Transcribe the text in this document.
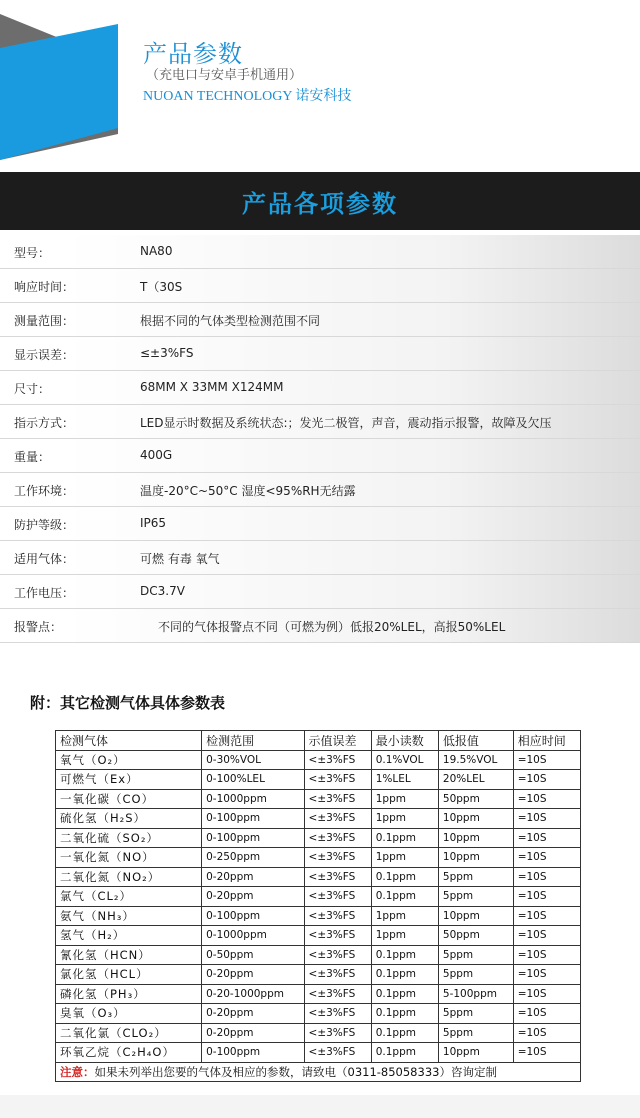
产品参数
（充电口与安卓手机通用）
NUOAN TECHNOLOGY 诺安科技
产品各项参数
型号：	NA80
响应时间：	T（30S
测量范围：	根据不同的气体类型检测范围不同
显示误差：	≤±3%FS
尺寸：	68MM X 33MM X124MM
指示方式：	LED显示时数据及系统状态:；发光二极管，声音，震动指示报警，故障及欠压
重量：	400G
工作环境：	温度-20°C~50°C 湿度<95%RH无结露
防护等级：	IP65
适用气体：	可燃 有毒 氧气
工作电压：	DC3.7V
报警点：	不同的气体报警点不同（可燃为例）低报20%LEL，高报50%LEL
附：其它检测气体具体参数表
检测气体	检测范围	示值误差	最小读数	低报值	相应时间
氧气（O₂）	0-30%VOL	<±3%FS	0.1%VOL	19.5%VOL	=10S
可燃气（Ex）	0-100%LEL	<±3%FS	1%LEL	20%LEL	=10S
一氧化碳（CO）	0-1000ppm	<±3%FS	1ppm	50ppm	=10S
硫化氢（H₂S）	0-100ppm	<±3%FS	1ppm	10ppm	=10S
二氧化硫（SO₂）	0-100ppm	<±3%FS	0.1ppm	10ppm	=10S
一氧化氮（NO）	0-250ppm	<±3%FS	1ppm	10ppm	=10S
二氧化氮（NO₂）	0-20ppm	<±3%FS	0.1ppm	5ppm	=10S
氯气（CL₂）	0-20ppm	<±3%FS	0.1ppm	5ppm	=10S
氨气（NH₃）	0-100ppm	<±3%FS	1ppm	10ppm	=10S
氢气（H₂）	0-1000ppm	<±3%FS	1ppm	50ppm	=10S
氰化氢（HCN）	0-50ppm	<±3%FS	0.1ppm	5ppm	=10S
氯化氢（HCL）	0-20ppm	<±3%FS	0.1ppm	5ppm	=10S
磷化氢（PH₃）	0-20-1000ppm	<±3%FS	0.1ppm	5-100ppm	=10S
臭氧（O₃）	0-20ppm	<±3%FS	0.1ppm	5ppm	=10S
二氧化氯（CLO₂）	0-20ppm	<±3%FS	0.1ppm	5ppm	=10S
环氧乙烷（C₂H₄O）	0-100ppm	<±3%FS	0.1ppm	10ppm	=10S
注意：如果未列举出您要的气体及相应的参数，请致电（0311-85058333）咨询定制					
